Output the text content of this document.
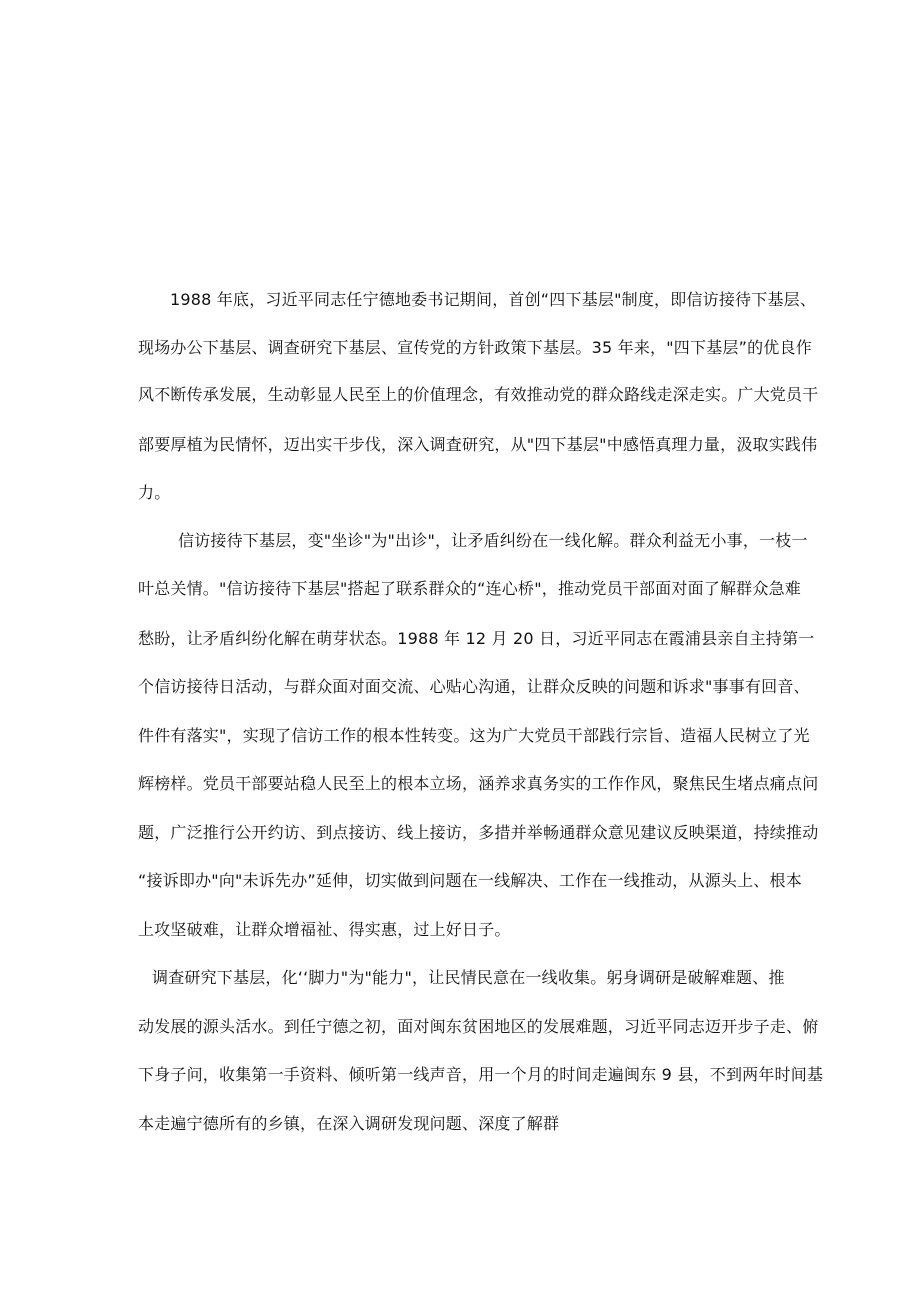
1988 年底，习近平同志任宁德地委书记期间，首创“四下基层"制度，即信访接待下基层、
现场办公下基层、调查研究下基层、宣传党的方针政策下基层。35 年来，"四下基层”的优良作
风不断传承发展，生动彰显人民至上的价值理念，有效推动党的群众路线走深走实。广大党员干
部要厚植为民情怀，迈出实干步伐，深入调査研究，从"四下基层"中感悟真理力量，汲取实践伟
力。
信访接待下基层，变"坐诊"为"出诊"，让矛盾纠纷在一线化解。群众利益无小事，一枝一
叶总关情。"信访接待下基层"搭起了联系群众的“连心桥"，推动党员干部面对面了解群众急难
愁盼，让矛盾纠纷化解在萌芽状态。1988 年 12 月 20 日，习近平同志在霞浦县亲自主持第一
个信访接待日活动，与群众面对面交流、心贴心沟通，让群众反映的问题和诉求"事事有回音、
件件有落实"，实现了信访工作的根本性转变。这为广大党员干部践行宗旨、造福人民树立了光
辉榜样。党员干部要站稳人民至上的根本立场，涵养求真务实的工作作风，聚焦民生堵点痛点问
题，广泛推行公开约访、到点接访、线上接访，多措并举畅通群众意见建议反映渠道，持续推动
“接诉即办"向"未诉先办”延伸，切实做到问题在一线解决、工作在一线推动，从源头上、根本
上攻坚破难，让群众增福祉、得实惠，过上好日子。
调查研究下基层，化‘‘脚力"为"能力"，让民情民意在一线收集。躬身调研是破解难题、推
动发展的源头活水。到任宁德之初，面对闽东贫困地区的发展难题，习近平同志迈开步子走、俯
下身子问，收集第一手资料、倾听第一线声音，用一个月的时间走遍闽东 9 县，不到两年时间基
本走遍宁德所有的乡镇，在深入调研发现问题、深度了解群
